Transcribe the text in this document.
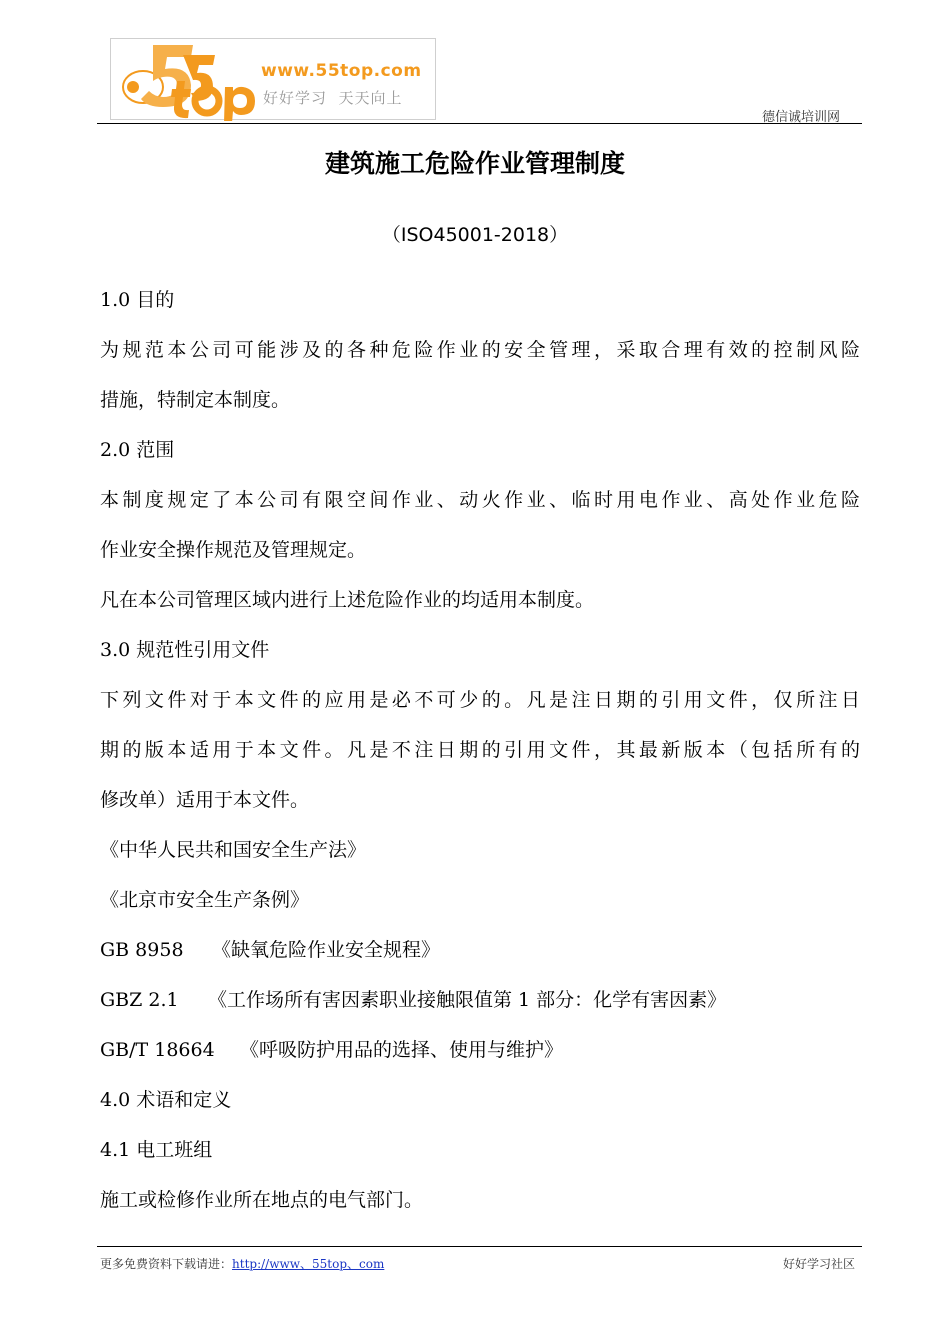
www.55top.com
好好学习  天天向上
德信诚培训网
建筑施工危险作业管理制度
（ISO45001-2018）
1.0 目的
为规范本公司可能涉及的各种危险作业的安全管理，采取合理有效的控制风险
措施，特制定本制度。
2.0 范围
本制度规定了本公司有限空间作业、动火作业、临时用电作业、高处作业危险
作业安全操作规范及管理规定。
凡在本公司管理区域内进行上述危险作业的均适用本制度。
3.0 规范性引用文件
下列文件对于本文件的应用是必不可少的。凡是注日期的引用文件，仅所注日
期的版本适用于本文件。凡是不注日期的引用文件，其最新版本（包括所有的
修改单）适用于本文件。
《中华人民共和国安全生产法》
《北京市安全生产条例》
GB 8958 《缺氧危险作业安全规程》
GBZ 2.1 《工作场所有害因素职业接触限值第 1 部分：化学有害因素》
GB/T 18664 《呼吸防护用品的选择、使用与维护》
4.0 术语和定义
4.1 电工班组
施工或检修作业所在地点的电气部门。
更多免费资料下载请进：http://www、55top、com	好好学习社区
